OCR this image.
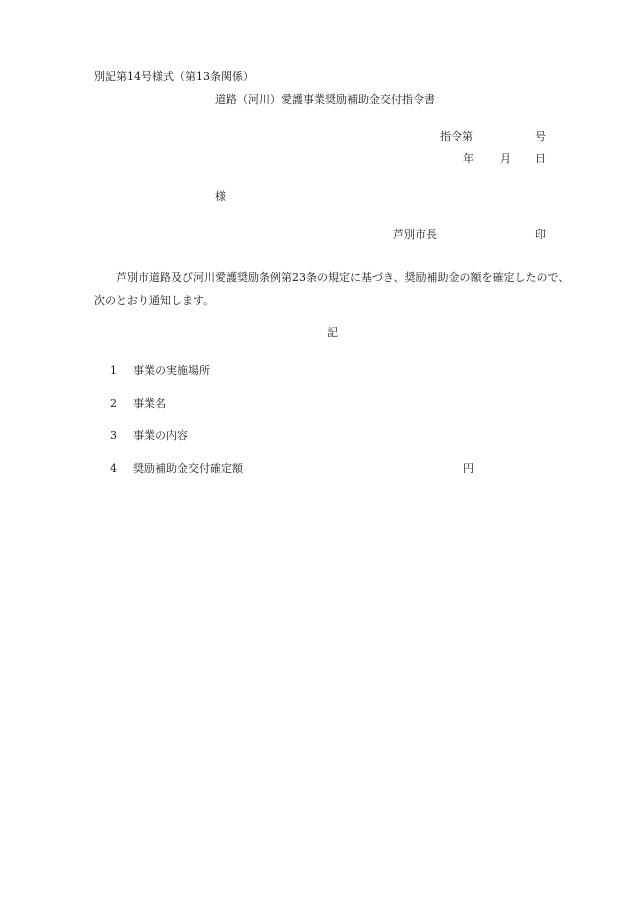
別記第14号様式（第13条関係）
道路（河川）愛護事業奨励補助金交付指令書
指令第	号
年 月 日
様
芦別市長	印
芦別市道路及び河川愛護奨励条例第23条の規定に基づき、奨励補助金の額を確定したので、次のとおり通知します。
記
1 事業の実施場所
2 事業名
3 事業の内容
4 奨励補助金交付確定額	円
